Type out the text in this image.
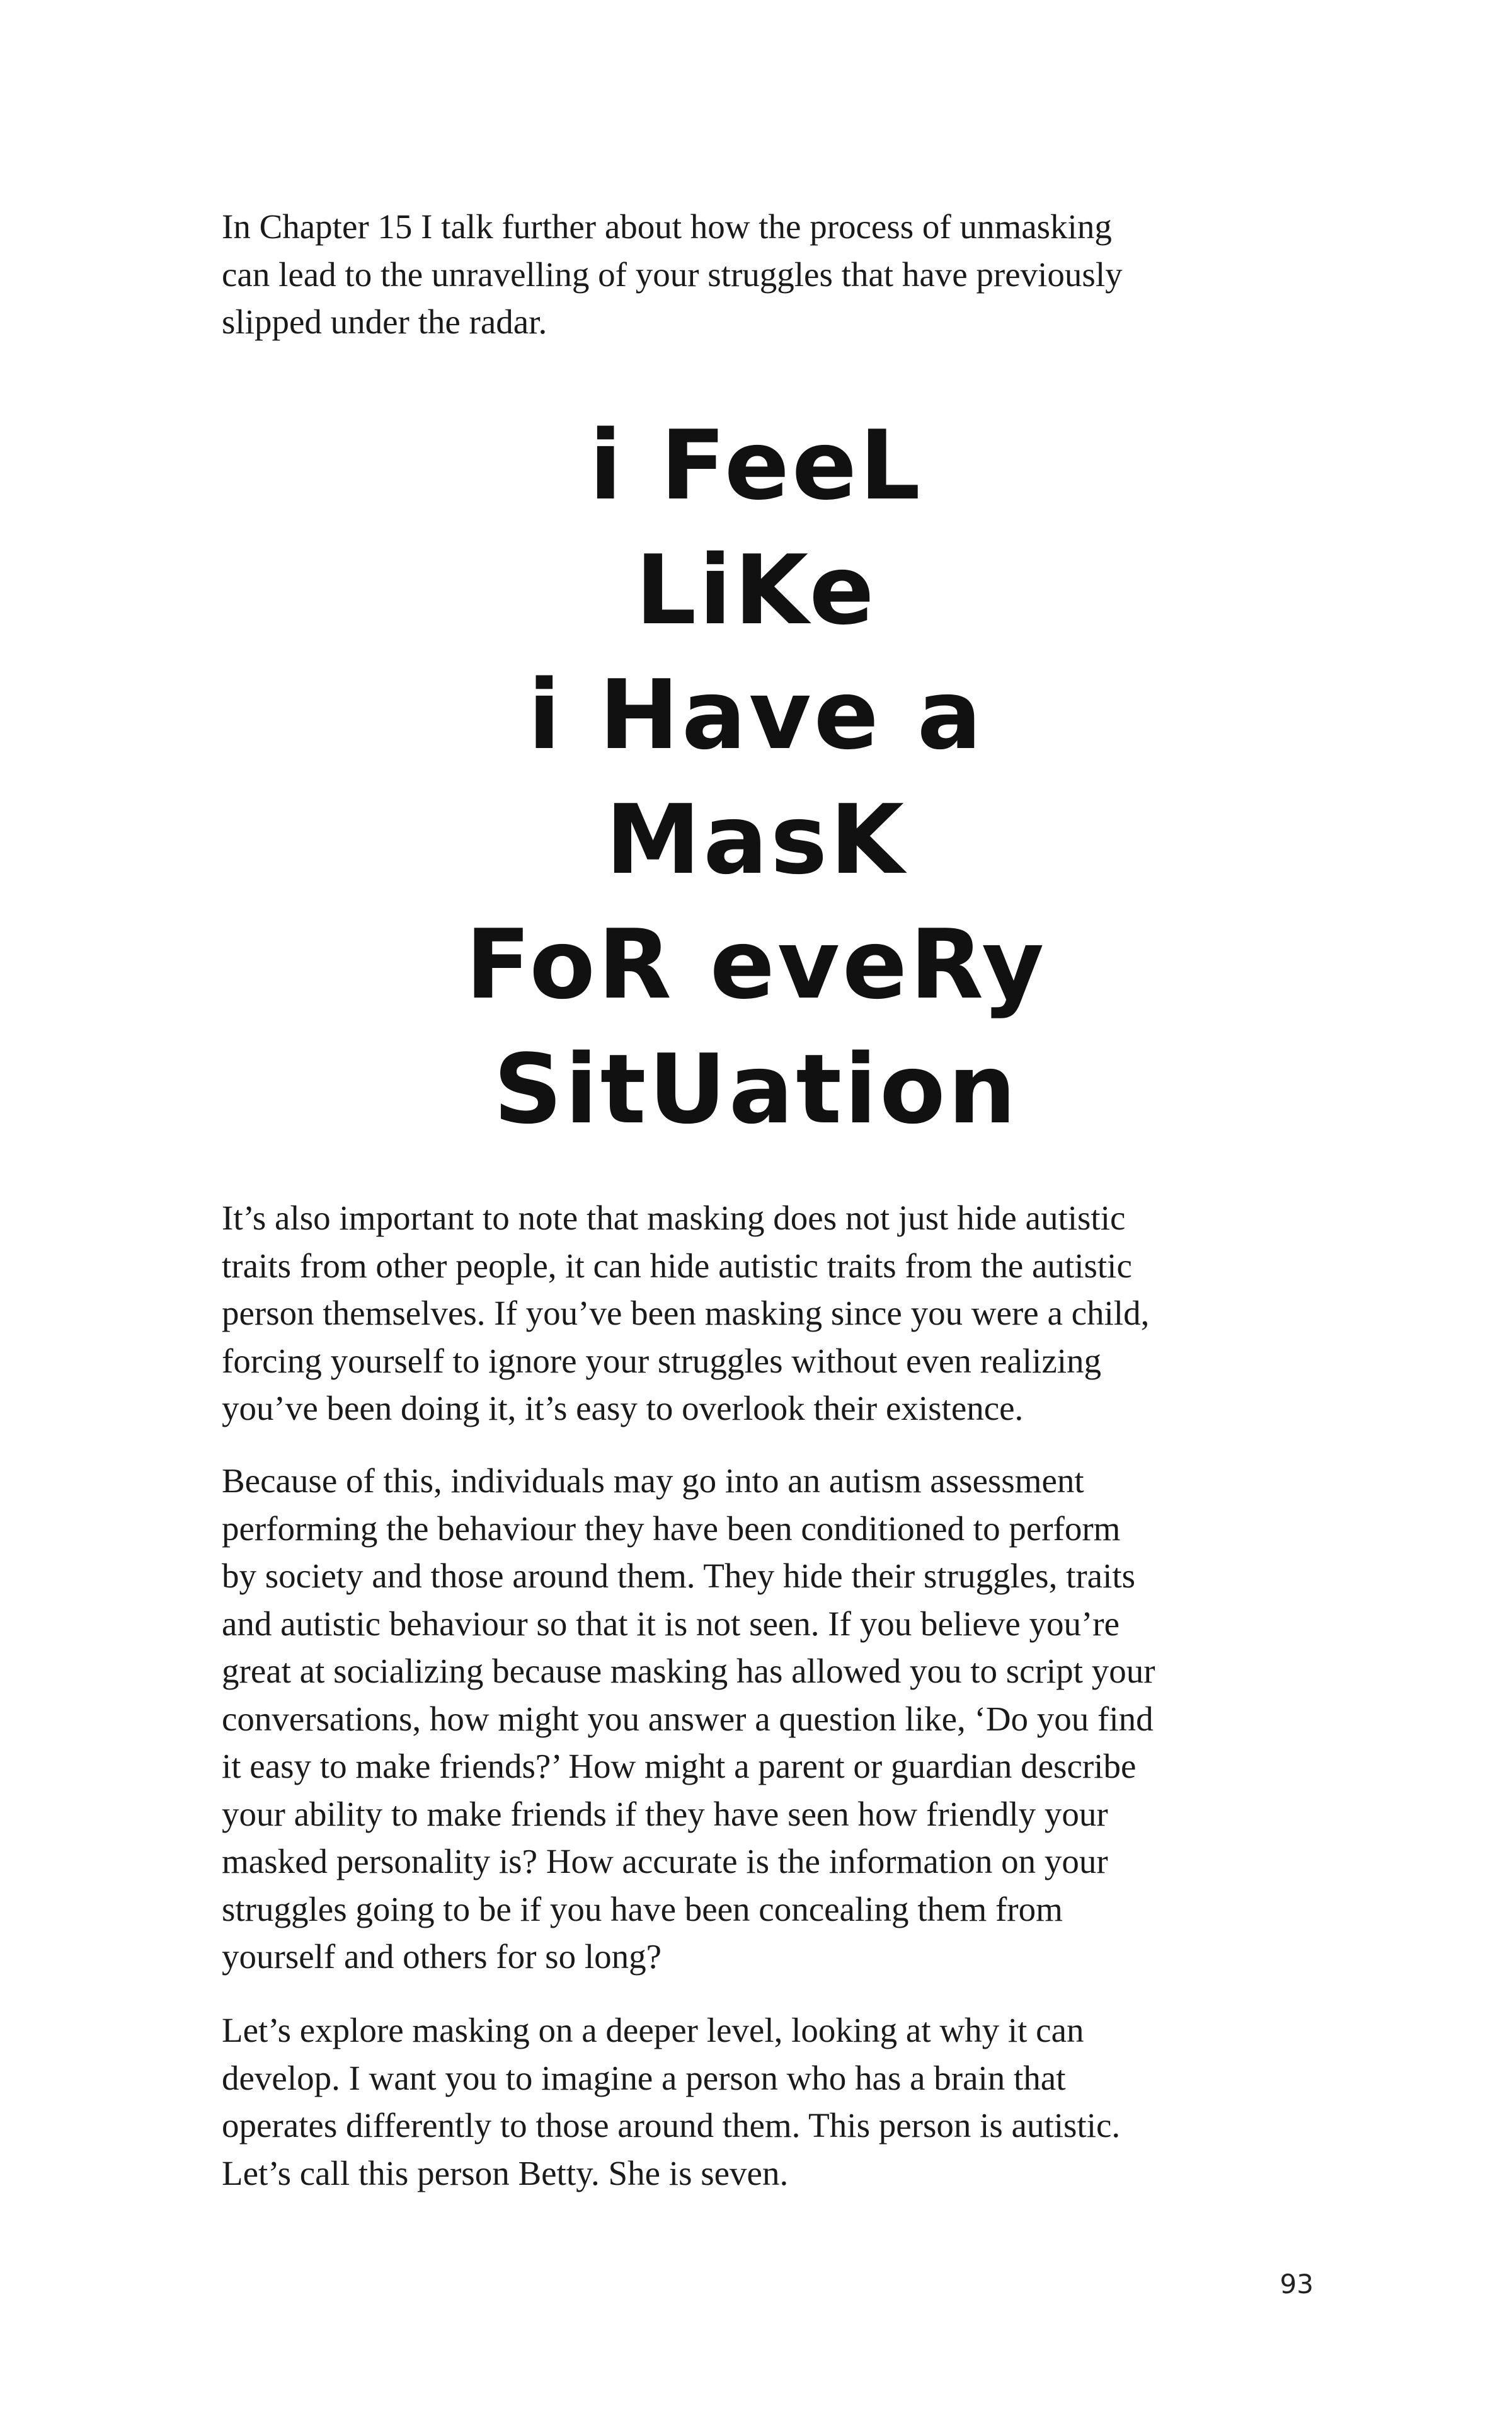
In Chapter 15 I talk further about how the process of unmasking
can lead to the unravelling of your struggles that have previously
slipped under the radar.

i FeeL
LiKe
i Have a
MasK
FoR eveRy
SitUation

It’s also important to note that masking does not just hide autistic
traits from other people, it can hide autistic traits from the autistic
person themselves. If you’ve been masking since you were a child,
forcing yourself to ignore your struggles without even realizing
you’ve been doing it, it’s easy to overlook their existence.

Because of this, individuals may go into an autism assessment
performing the behaviour they have been conditioned to perform
by society and those around them. They hide their struggles, traits
and autistic behaviour so that it is not seen. If you believe you’re
great at socializing because masking has allowed you to script your
conversations, how might you answer a question like, ‘Do you find
it easy to make friends?’ How might a parent or guardian describe
your ability to make friends if they have seen how friendly your
masked personality is? How accurate is the information on your
struggles going to be if you have been concealing them from
yourself and others for so long?

Let’s explore masking on a deeper level, looking at why it can
develop. I want you to imagine a person who has a brain that
operates differently to those around them. This person is autistic.
Let’s call this person Betty. She is seven.

93
